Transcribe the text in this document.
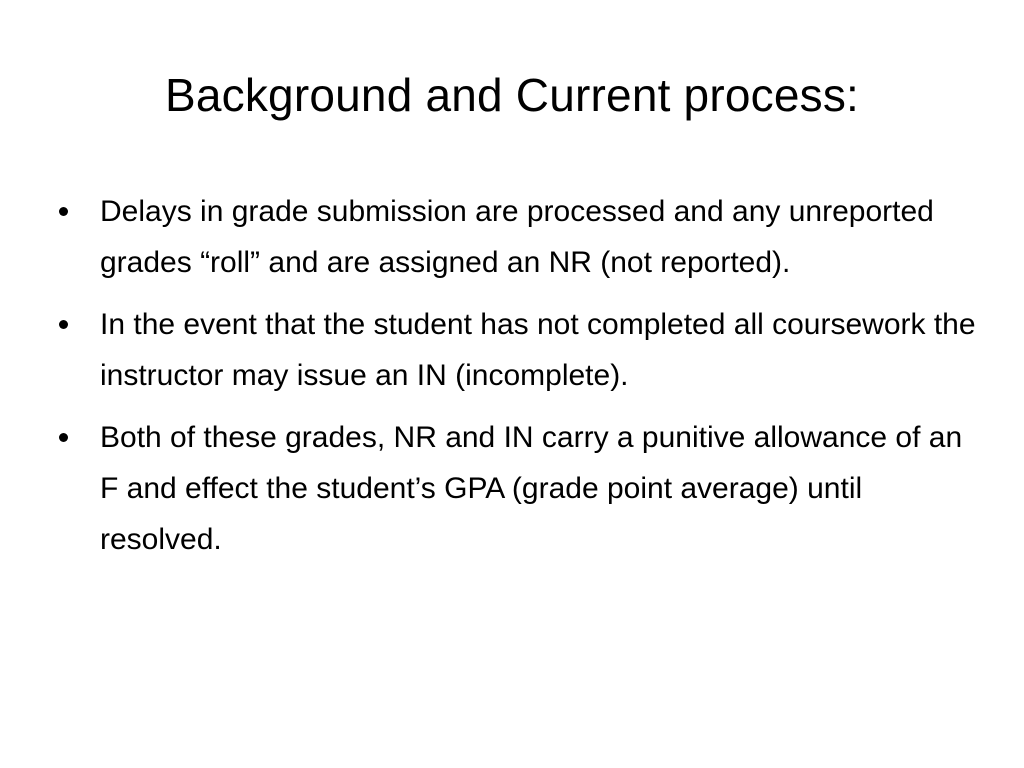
Background and Current process:
Delays in grade submission are processed and any unreported grades “roll” and are assigned an NR (not reported).
In the event that the student has not completed all coursework the instructor may issue an IN (incomplete).
Both of these grades, NR and IN carry a punitive allowance of an F and effect the student’s GPA (grade point average) until resolved.
